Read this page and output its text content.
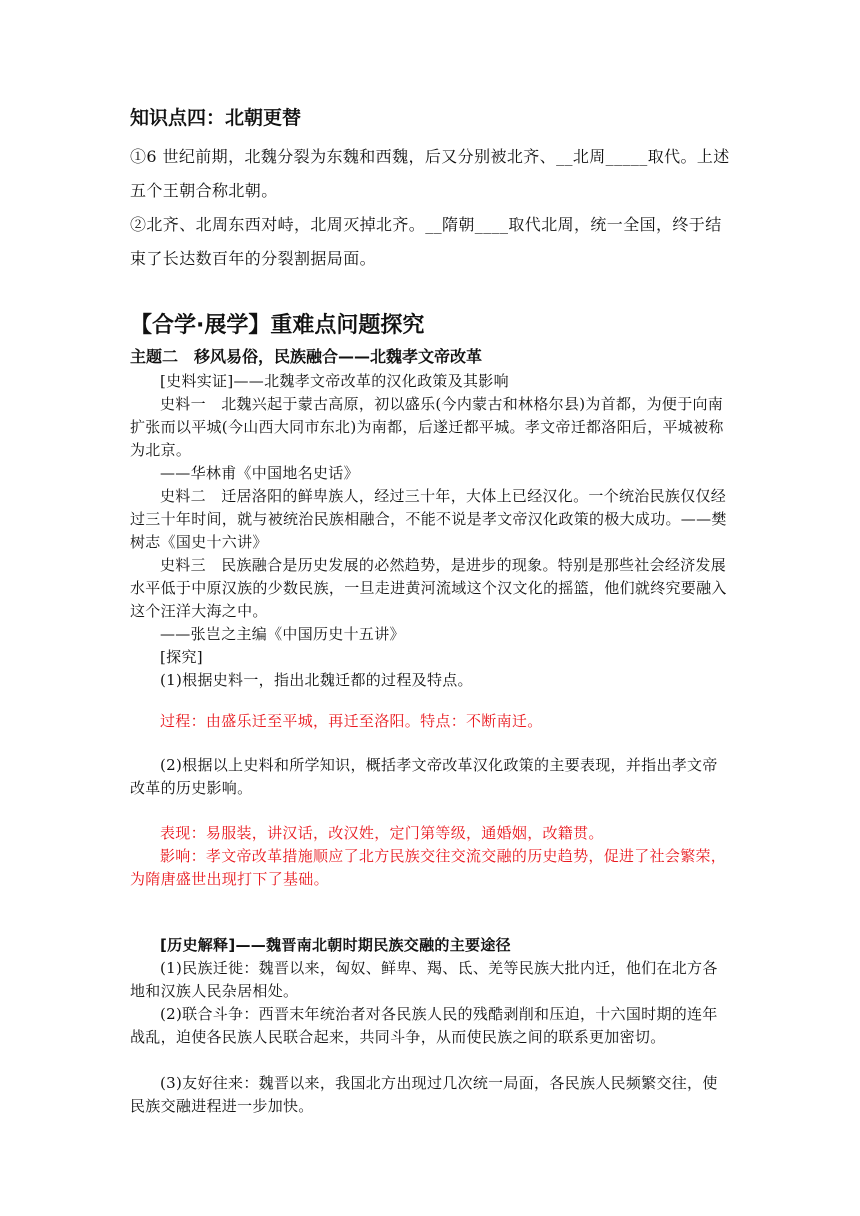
知识点四：北朝更替

①6 世纪前期，北魏分裂为东魏和西魏，后又分别被北齐、__北周_____取代。上述五个王朝合称北朝。

②北齐、北周东西对峙，北周灭掉北齐。__隋朝____取代北周，统一全国，终于结束了长达数百年的分裂割据局面。

【合学·展学】重难点问题探究
主题二　移风易俗，民族融合——北魏孝文帝改革

[史料实证]——北魏孝文帝改革的汉化政策及其影响

史料一　北魏兴起于蒙古高原，初以盛乐(今内蒙古和林格尔县)为首都，为便于向南扩张而以平城(今山西大同市东北)为南都，后遂迁都平城。孝文帝迁都洛阳后，平城被称为北京。

——华林甫《中国地名史话》

史料二　迁居洛阳的鲜卑族人，经过三十年，大体上已经汉化。一个统治民族仅仅经过三十年时间，就与被统治民族相融合，不能不说是孝文帝汉化政策的极大成功。——樊树志《国史十六讲》

史料三　民族融合是历史发展的必然趋势，是进步的现象。特别是那些社会经济发展水平低于中原汉族的少数民族，一旦走进黄河流域这个汉文化的摇篮，他们就终究要融入这个汪洋大海之中。

——张岂之主编《中国历史十五讲》

[探究]

(1)根据史料一，指出北魏迁都的过程及特点。

过程：由盛乐迁至平城，再迁至洛阳。特点：不断南迁。

(2)根据以上史料和所学知识，概括孝文帝改革汉化政策的主要表现，并指出孝文帝改革的历史影响。

表现：易服装，讲汉话，改汉姓，定门第等级，通婚姻，改籍贯。

影响：孝文帝改革措施顺应了北方民族交往交流交融的历史趋势，促进了社会繁荣，为隋唐盛世出现打下了基础。

[历史解释]——魏晋南北朝时期民族交融的主要途径

(1)民族迁徙：魏晋以来，匈奴、鲜卑、羯、氐、羌等民族大批内迁，他们在北方各地和汉族人民杂居相处。

(2)联合斗争：西晋末年统治者对各民族人民的残酷剥削和压迫，十六国时期的连年战乱，迫使各民族人民联合起来，共同斗争，从而使民族之间的联系更加密切。

(3)友好往来：魏晋以来，我国北方出现过几次统一局面，各民族人民频繁交往，使民族交融进程进一步加快。
